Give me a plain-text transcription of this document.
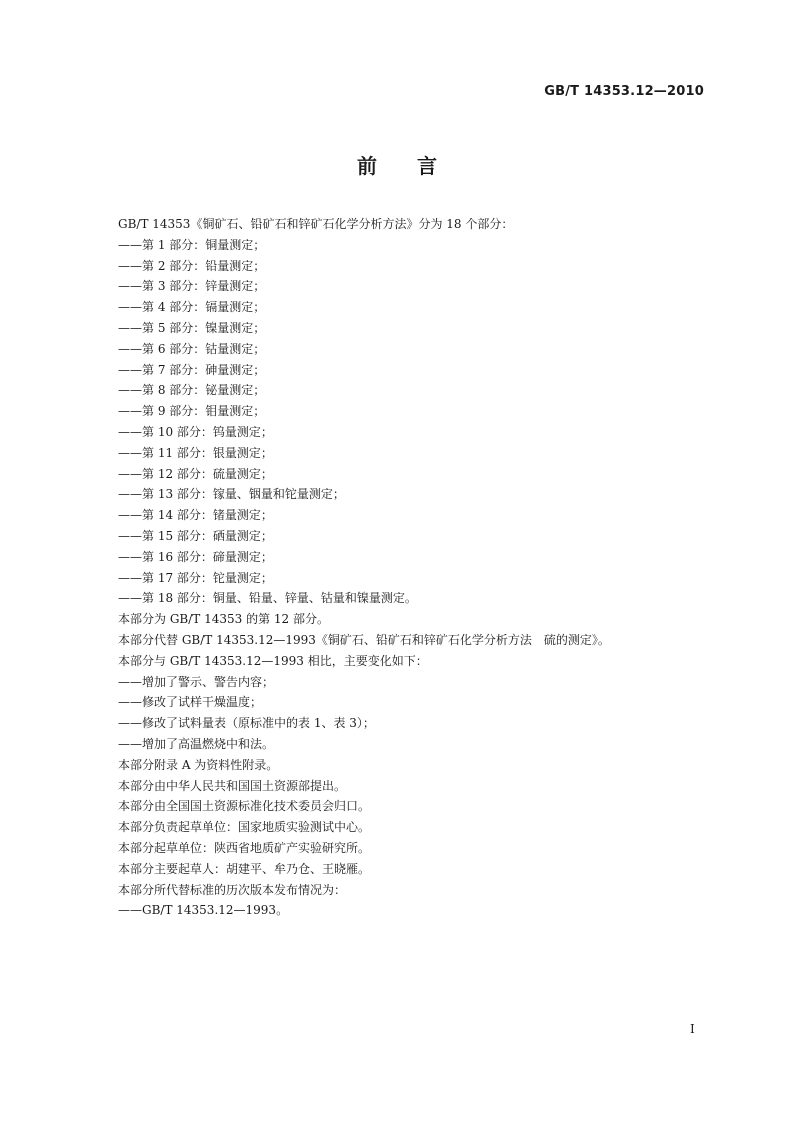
GB/T 14353.12—2010
前言
GB/T 14353《铜矿石、铅矿石和锌矿石化学分析方法》分为 18 个部分：
——第 1 部分：铜量测定；
——第 2 部分：铅量测定；
——第 3 部分：锌量测定；
——第 4 部分：镉量测定；
——第 5 部分：镍量测定；
——第 6 部分：钴量测定；
——第 7 部分：砷量测定；
——第 8 部分：铋量测定；
——第 9 部分：钼量测定；
——第 10 部分：钨量测定；
——第 11 部分：银量测定；
——第 12 部分：硫量测定；
——第 13 部分：镓量、铟量和铊量测定；
——第 14 部分：锗量测定；
——第 15 部分：硒量测定；
——第 16 部分：碲量测定；
——第 17 部分：铊量测定；
——第 18 部分：铜量、铅量、锌量、钴量和镍量测定。
本部分为 GB/T 14353 的第 12 部分。
本部分代替 GB/T 14353.12—1993《铜矿石、铅矿石和锌矿石化学分析方法　硫的测定》。
本部分与 GB/T 14353.12—1993 相比，主要变化如下：
——增加了警示、警告内容；
——修改了试样干燥温度；
——修改了试料量表（原标准中的表 1、表 3）；
——增加了高温燃烧中和法。
本部分附录 A 为资料性附录。
本部分由中华人民共和国国土资源部提出。
本部分由全国国土资源标准化技术委员会归口。
本部分负责起草单位：国家地质实验测试中心。
本部分起草单位：陕西省地质矿产实验研究所。
本部分主要起草人：胡建平、牟乃仓、王晓雁。
本部分所代替标准的历次版本发布情况为：
——GB/T 14353.12—1993。
I
